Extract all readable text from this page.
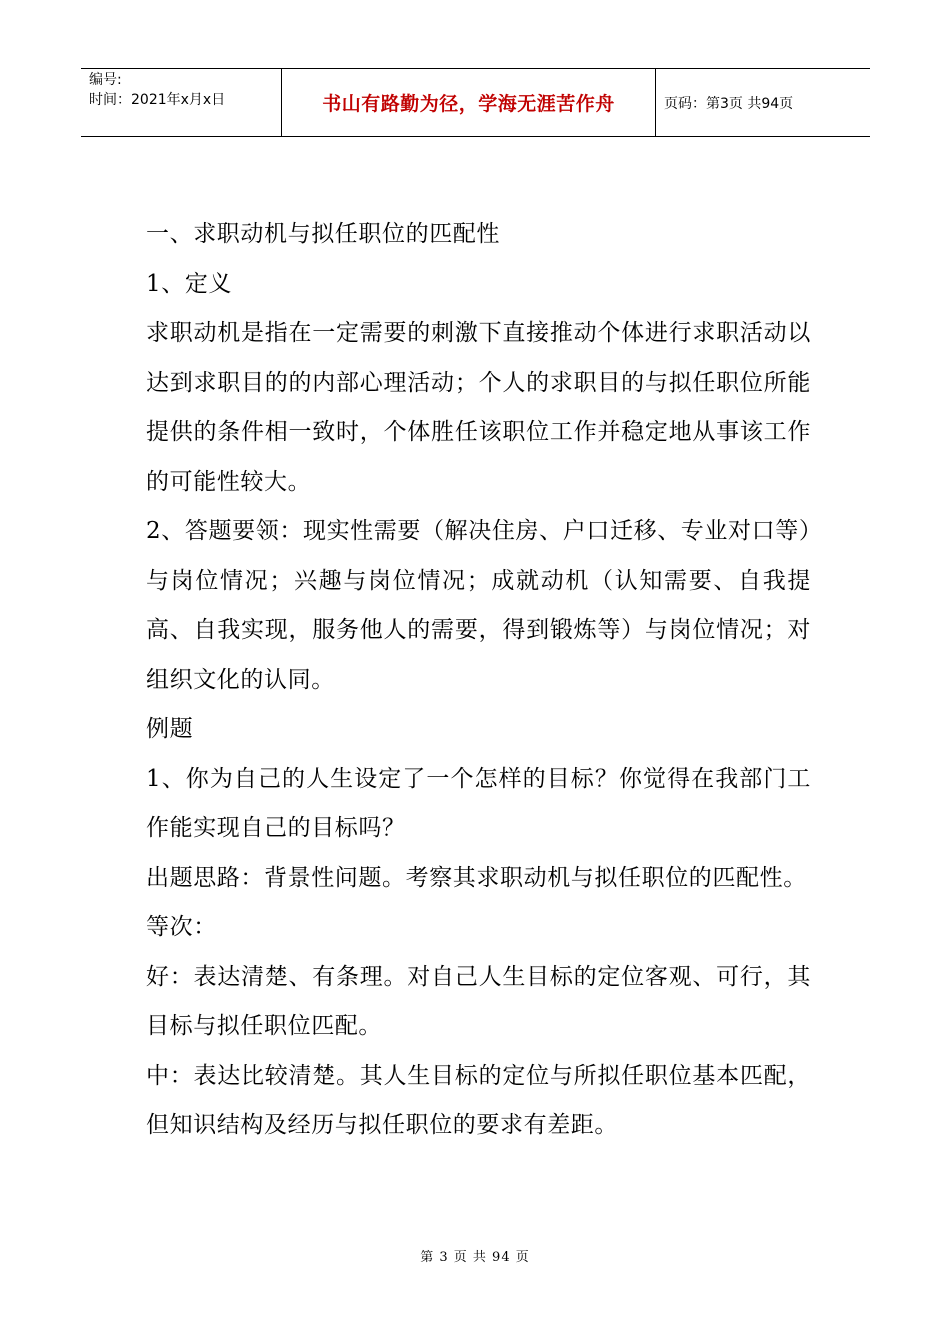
编号:
时间：2021年x月x日	书山有路勤为径，学海无涯苦作舟	页码：第3页 共94页

一、求职动机与拟任职位的匹配性

1、定义

求职动机是指在一定需要的刺激下直接推动个体进行求职活动以达到求职目的的内部心理活动；个人的求职目的与拟任职位所能提供的条件相一致时，个体胜任该职位工作并稳定地从事该工作的可能性较大。

2、答题要领：现实性需要（解决住房、户口迁移、专业对口等）与岗位情况；兴趣与岗位情况；成就动机（认知需要、自我提高、自我实现，服务他人的需要，得到锻炼等）与岗位情况；对组织文化的认同。

例题

1、你为自己的人生设定了一个怎样的目标？你觉得在我部门工作能实现自己的目标吗？

出题思路：背景性问题。考察其求职动机与拟任职位的匹配性。

等次：

好：表达清楚、有条理。对自己人生目标的定位客观、可行，其目标与拟任职位匹配。

中：表达比较清楚。其人生目标的定位与所拟任职位基本匹配，但知识结构及经历与拟任职位的要求有差距。

第 3 页 共 94 页
